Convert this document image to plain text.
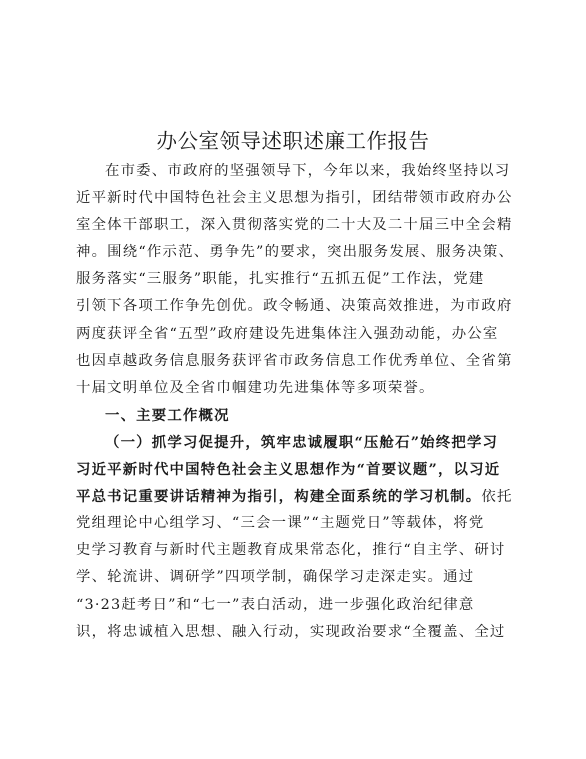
办公室领导述职述廉工作报告
在市委、市政府的坚强领导下，今年以来，我始终坚持以习
近平新时代中国特色社会主义思想为指引，团结带领市政府办公
室全体干部职工，深入贯彻落实党的二十大及二十届三中全会精
神。围绕“作示范、勇争先”的要求，突出服务发展、服务决策、
服务落实“三服务”职能，扎实推行“五抓五促”工作法，党建
引领下各项工作争先创优。政令畅通、决策高效推进，为市政府
两度获评全省“五型”政府建设先进集体注入强劲动能，办公室
也因卓越政务信息服务获评省市政务信息工作优秀单位、全省第
十届文明单位及全省巾帼建功先进集体等多项荣誉。
一、主要工作概况
（一）抓学习促提升，筑牢忠诚履职“压舱石”始终把学习
习近平新时代中国特色社会主义思想作为“首要议题”，以习近
平总书记重要讲话精神为指引，构建全面系统的学习机制。依托
党组理论中心组学习、“三会一课”“主题党日”等载体，将党
史学习教育与新时代主题教育成果常态化，推行“自主学、研讨
学、轮流讲、调研学”四项学制，确保学习走深走实。通过
“3·23赶考日”和“七一”表白活动，进一步强化政治纪律意
识，将忠诚植入思想、融入行动，实现政治要求“全覆盖、全过
